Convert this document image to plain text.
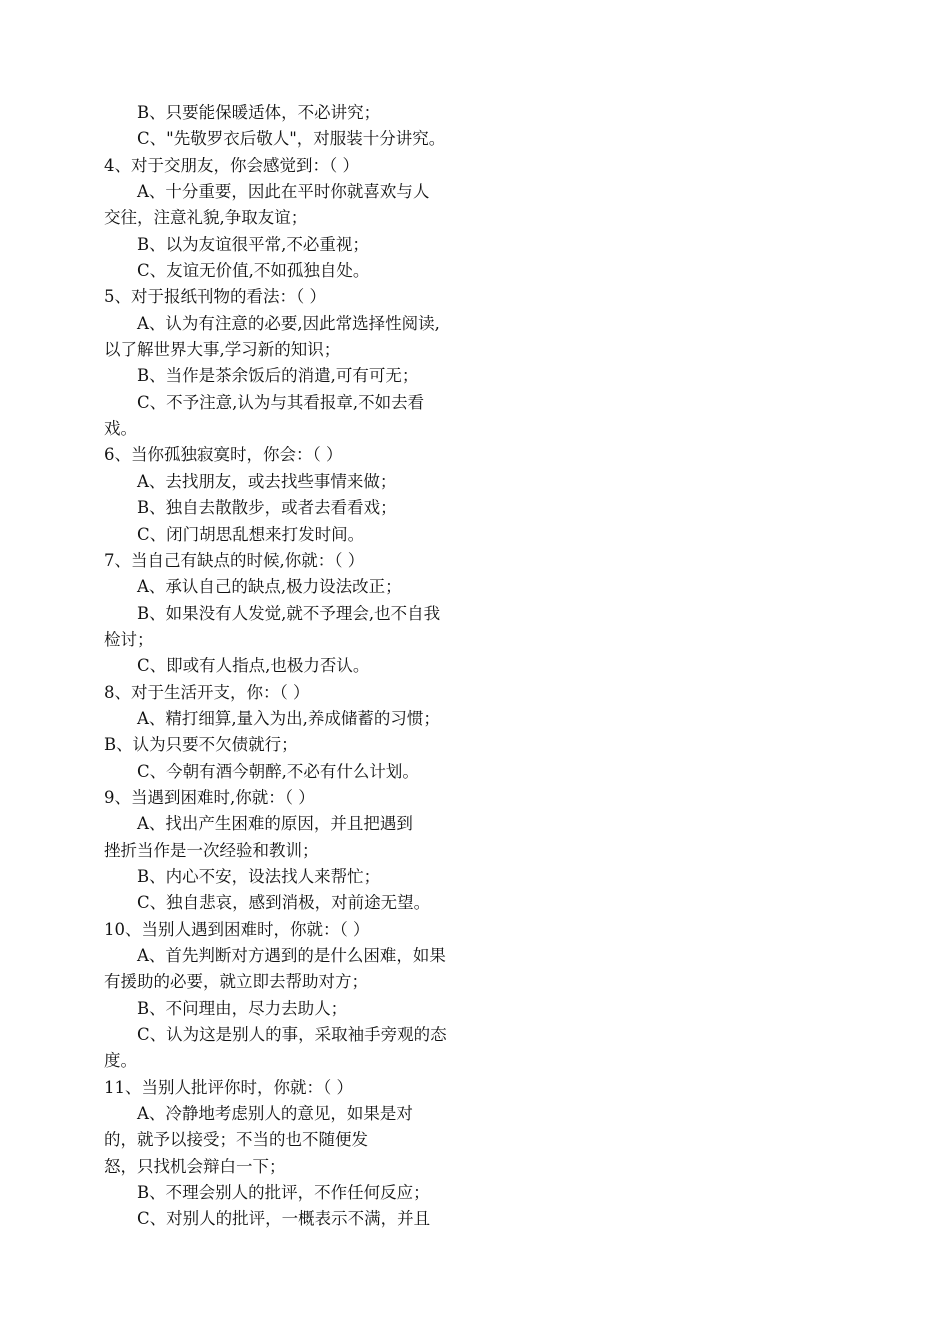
B、只要能保暖适体，不必讲究；
C、"先敬罗衣后敬人"，对服装十分讲究。
4、对于交朋友，你会感觉到：（ ）
A、十分重要，因此在平时你就喜欢与人
交往，注意礼貌,争取友谊；
B、以为友谊很平常,不必重视；
C、友谊无价值,不如孤独自处。
5、对于报纸刊物的看法：（ ）
A、认为有注意的必要,因此常选择性阅读,
以了解世界大事,学习新的知识；
B、当作是茶余饭后的消遣,可有可无；
C、不予注意,认为与其看报章,不如去看
戏。
6、当你孤独寂寞时，你会：（ ）
A、去找朋友，或去找些事情来做；
B、独自去散散步，或者去看看戏；
C、闭门胡思乱想来打发时间。
7、当自己有缺点的时候,你就：（ ）
A、承认自己的缺点,极力设法改正；
B、如果没有人发觉,就不予理会,也不自我
检讨；
C、即或有人指点,也极力否认。
8、对于生活开支，你：（ ）
A、精打细算,量入为出,养成储蓄的习惯；
B、认为只要不欠债就行；
C、今朝有酒今朝醉,不必有什么计划。
9、当遇到困难时,你就：（ ）
A、找出产生困难的原因，并且把遇到
挫折当作是一次经验和教训；
B、内心不安，设法找人来帮忙；
C、独自悲哀，感到消极，对前途无望。
10、当别人遇到困难时，你就：（ ）
A、首先判断对方遇到的是什么困难，如果
有援助的必要，就立即去帮助对方；
B、不问理由，尽力去助人；
C、认为这是别人的事，采取袖手旁观的态
度。
11、当别人批评你时，你就：（ ）
A、冷静地考虑别人的意见，如果是对
的，就予以接受；不当的也不随便发
怒，只找机会辩白一下；
B、不理会别人的批评，不作任何反应；
C、对别人的批评，一概表示不满，并且
